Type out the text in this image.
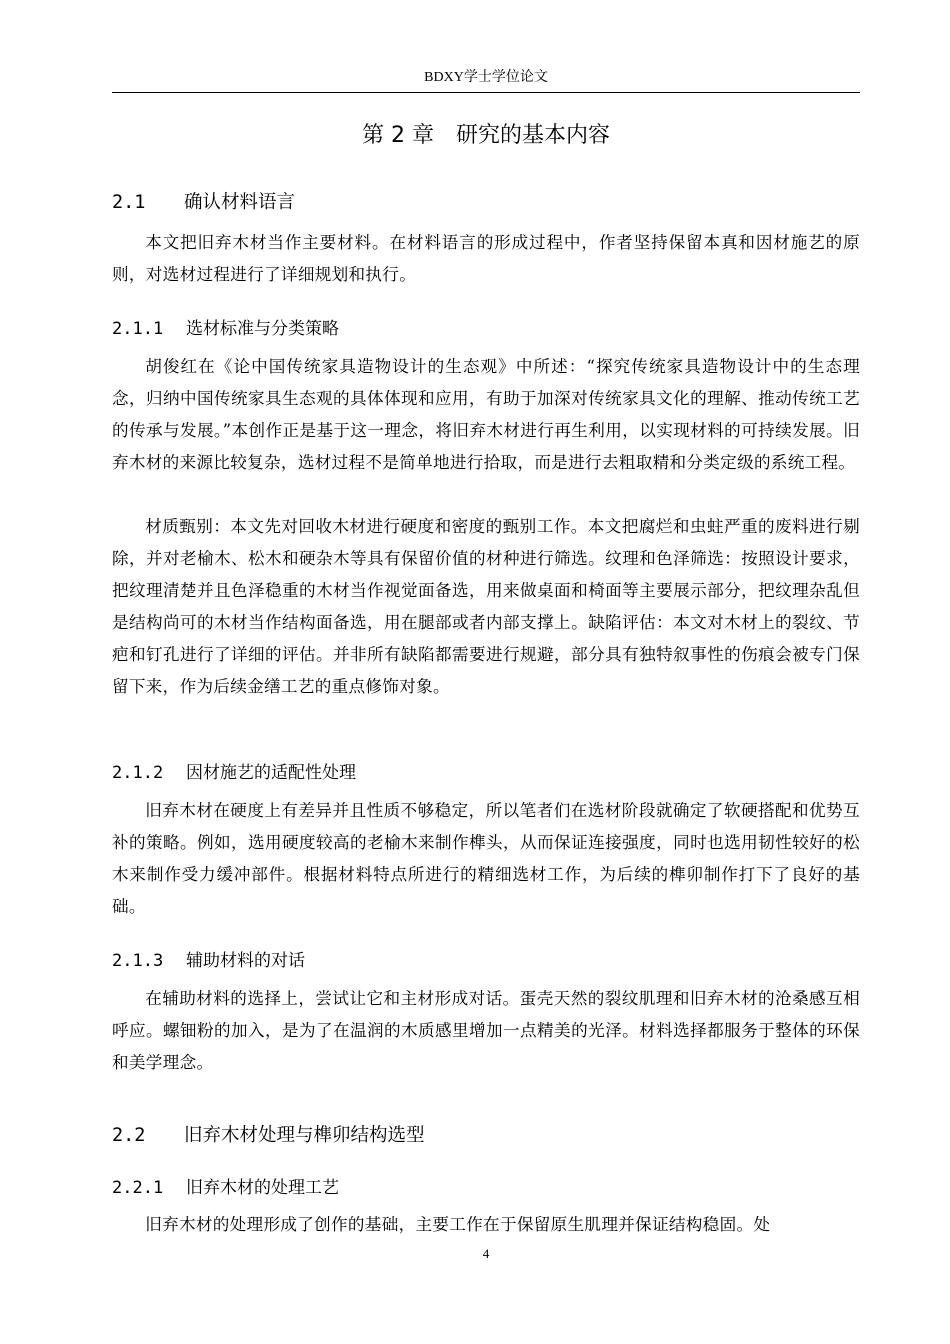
BDXY学士学位论文
第 2 章　研究的基本内容
2.1 确认材料语言

本文把旧弃木材当作主要材料。在材料语言的形成过程中，作者坚持保留本真和因材施艺的原则，对选材过程进行了详细规划和执行。

2.1.1 选材标准与分类策略

胡俊红在《论中国传统家具造物设计的生态观》中所述：“探究传统家具造物设计中的生态理念，归纳中国传统家具生态观的具体体现和应用，有助于加深对传统家具文化的理解、推动传统工艺的传承与发展。”本创作正是基于这一理念，将旧弃木材进行再生利用，以实现材料的可持续发展。旧弃木材的来源比较复杂，选材过程不是简单地进行拾取，而是进行去粗取精和分类定级的系统工程。

材质甄别：本文先对回收木材进行硬度和密度的甄别工作。本文把腐烂和虫蛀严重的废料进行剔除，并对老榆木、松木和硬杂木等具有保留价值的材种进行筛选。纹理和色泽筛选：按照设计要求，把纹理清楚并且色泽稳重的木材当作视觉面备选，用来做桌面和椅面等主要展示部分，把纹理杂乱但是结构尚可的木材当作结构面备选，用在腿部或者内部支撑上。缺陷评估：本文对木材上的裂纹、节疤和钉孔进行了详细的评估。并非所有缺陷都需要进行规避，部分具有独特叙事性的伤痕会被专门保留下来，作为后续金缮工艺的重点修饰对象。

2.1.2 因材施艺的适配性处理

旧弃木材在硬度上有差异并且性质不够稳定，所以笔者们在选材阶段就确定了软硬搭配和优势互补的策略。例如，选用硬度较高的老榆木来制作榫头，从而保证连接强度，同时也选用韧性较好的松木来制作受力缓冲部件。根据材料特点所进行的精细选材工作，为后续的榫卯制作打下了良好的基础。

2.1.3 辅助材料的对话

在辅助材料的选择上，尝试让它和主材形成对话。蛋壳天然的裂纹肌理和旧弃木材的沧桑感互相呼应。螺钿粉的加入，是为了在温润的木质感里增加一点精美的光泽。材料选择都服务于整体的环保和美学理念。

2.2 旧弃木材处理与榫卯结构选型
2.2.1 旧弃木材的处理工艺

旧弃木材的处理形成了创作的基础，主要工作在于保留原生肌理并保证结构稳固。处

4
